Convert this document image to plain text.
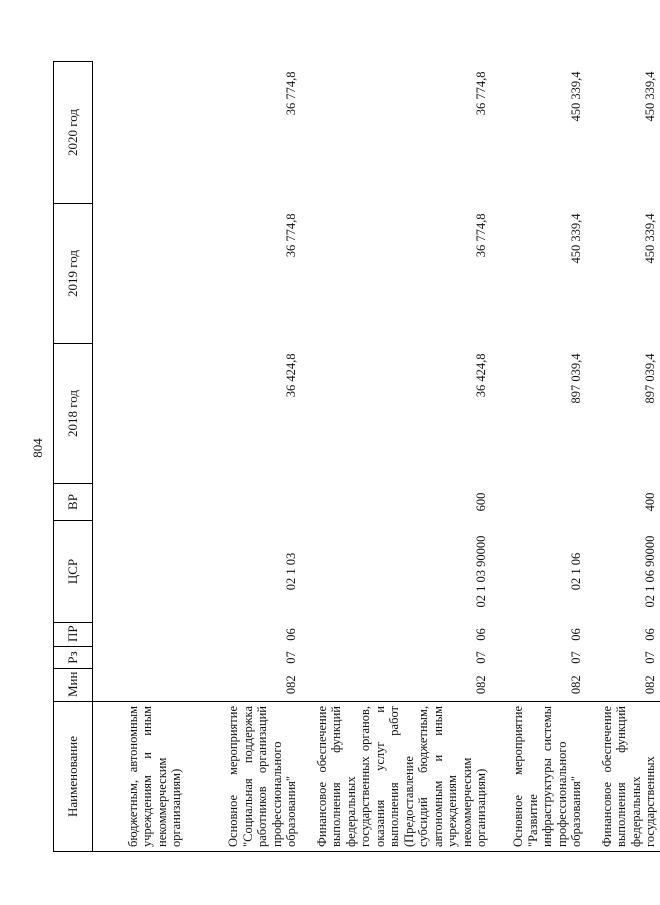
804
Наименование	Мин	Рз	ПР	ЦСР	ВР	2018 год	2019 год	2020 год
бюджетным, автономным учреждениям и иным некоммерческим организациям)								
Основное мероприятие "Социальная поддержка работников организаций профессионального образования"	082	07	06	02 1 03		36 424,8	36 774,8	36 774,8
Финансовое обеспечение выполнения функций федеральных государственных органов, оказания услуг и выполнения работ (Предоставление субсидий бюджетным, автономным и иным учреждениям некоммерческим организациям)	082	07	06	02 1 03 90000	600	36 424,8	36 774,8	36 774,8
Основное мероприятие "Развитие инфраструктуры системы профессионального образования"	082	07	06	02 1 06		897 039,4	450 339,4	450 339,4
Финансовое обеспечение выполнения функций федеральных государственных	082	07	06	02 1 06 90000	400	897 039,4	450 339,4	450 339,4
